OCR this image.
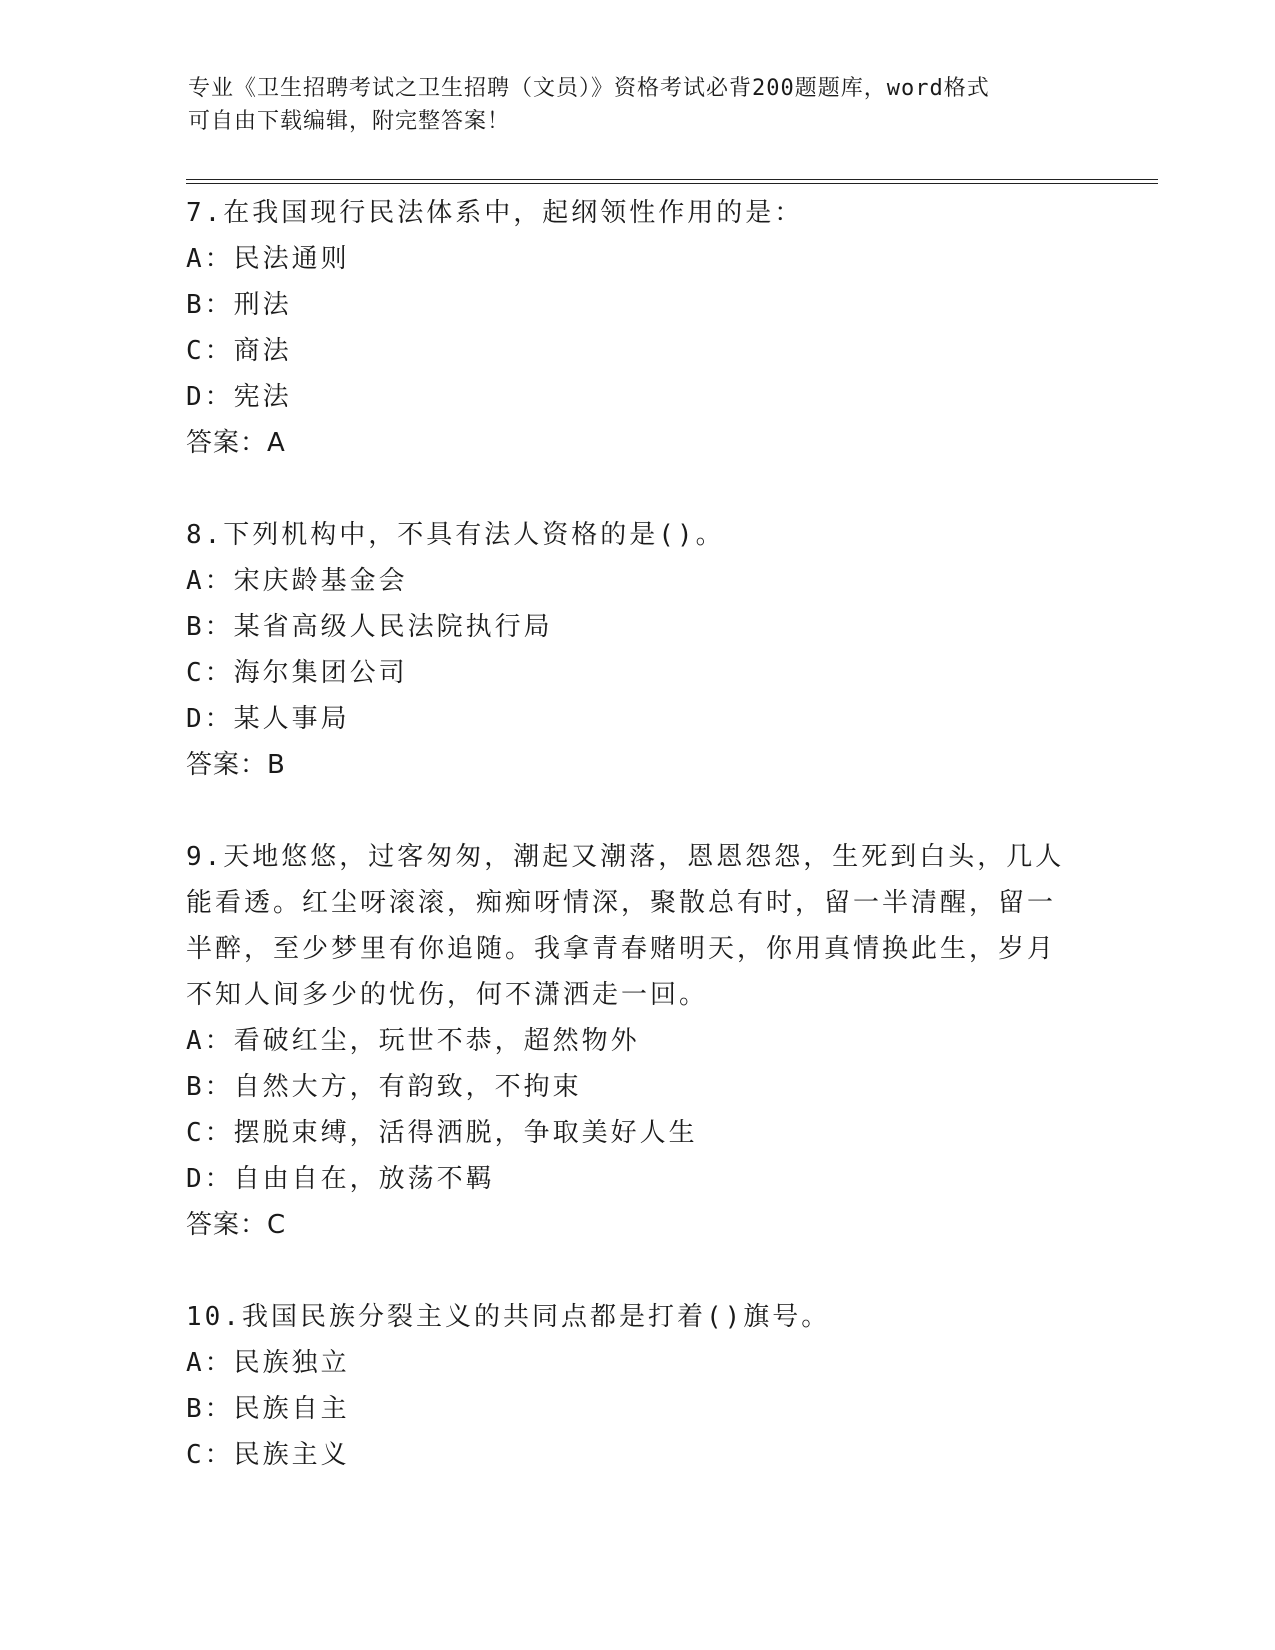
专业《卫生招聘考试之卫生招聘（文员）》资格考试必背200题题库，word格式
可自由下载编辑，附完整答案！
7.在我国现行民法体系中，起纲领性作用的是：
A：民法通则
B：刑法
C：商法
D：宪法
答案：A
8.下列机构中，不具有法人资格的是()。
A：宋庆龄基金会
B：某省高级人民法院执行局
C：海尔集团公司
D：某人事局
答案：B
9.天地悠悠，过客匆匆，潮起又潮落，恩恩怨怨，生死到白头，几人
能看透。红尘呀滚滚，痴痴呀情深，聚散总有时，留一半清醒，留一
半醉，至少梦里有你追随。我拿青春赌明天，你用真情换此生，岁月
不知人间多少的忧伤，何不潇洒走一回。
A：看破红尘，玩世不恭，超然物外
B：自然大方，有韵致，不拘束
C：摆脱束缚，活得洒脱，争取美好人生
D：自由自在，放荡不羁
答案：C
10.我国民族分裂主义的共同点都是打着()旗号。
A：民族独立
B：民族自主
C：民族主义
